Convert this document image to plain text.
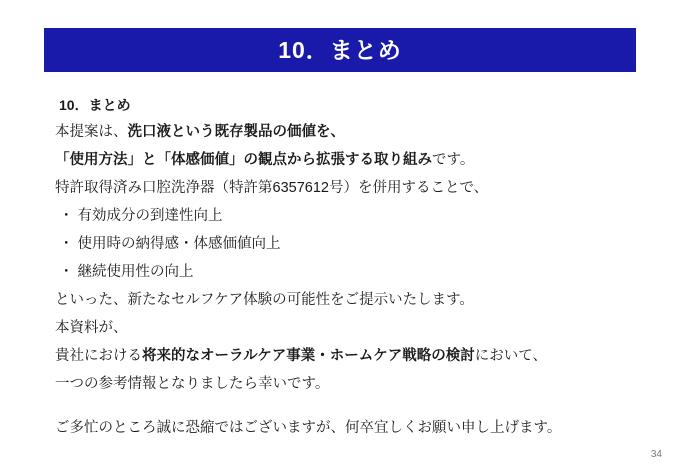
10．まとめ
10．まとめ
本提案は、洗口液という既存製品の価値を、
「使用方法」と「体感価値」の観点から拡張する取り組みです。
特許取得済み口腔洗浄器（特許第6357612号）を併用することで、
・ 有効成分の到達性向上
・ 使用時の納得感・体感価値向上
・ 継続使用性の向上
といった、新たなセルフケア体験の可能性をご提示いたします。
本資料が、
貴社における将来的なオーラルケア事業・ホームケア戦略の検討において、
一つの参考情報となりましたら幸いです。
ご多忙のところ誠に恐縮ではございますが、何卒宜しくお願い申し上げます。
34
